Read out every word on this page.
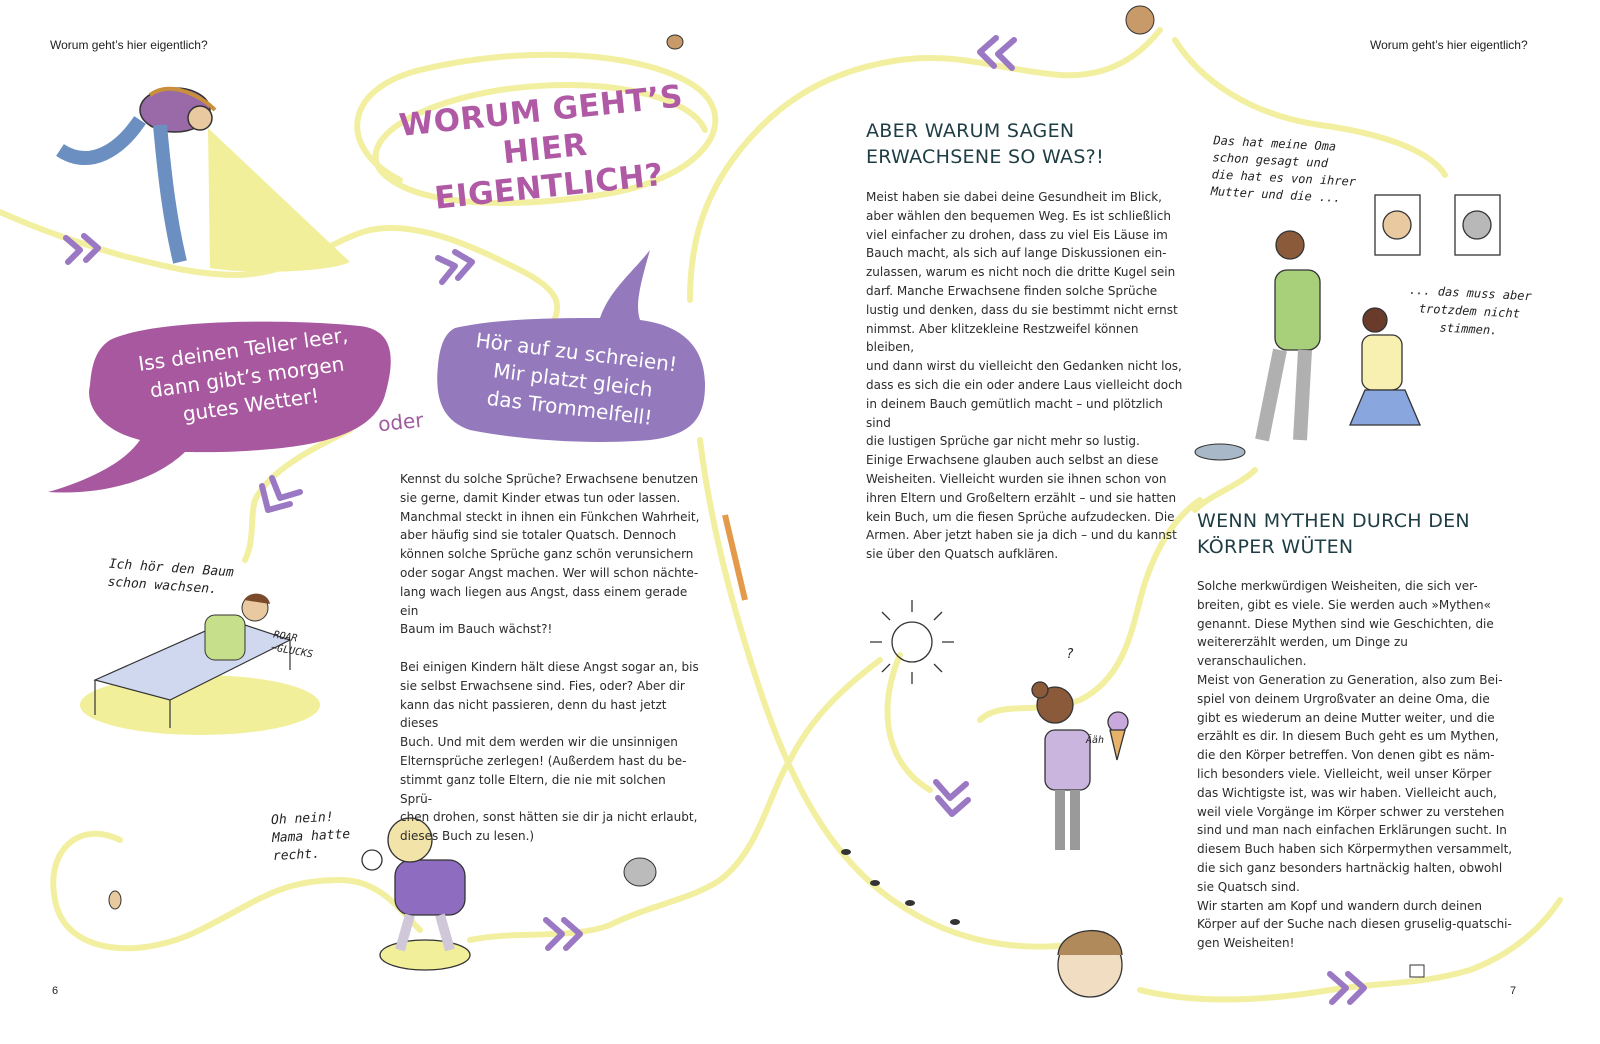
Worum geht’s hier eigentlich?	Worum geht’s hier eigentlich?
WORUM GEHT’S
HIER EIGENTLICH?
Iss deinen Teller leer,
dann gibt’s morgen
gutes Wetter!
Hör auf zu schreien!
Mir platzt gleich
das Trommelfell!
oder
Ich hör den Baum
schon wachsen.
ROAR
~GLUCKS
Oh nein!
Mama hatte
recht.
Kennst du solche Sprüche? Erwachsene benutzen
sie gerne, damit Kinder etwas tun oder lassen.
Manchmal steckt in ihnen ein Fünkchen Wahrheit,
aber häufig sind sie totaler Quatsch. Dennoch
können solche Sprüche ganz schön verunsichern
oder sogar Angst machen. Wer will schon nächte-
lang wach liegen aus Angst, dass einem gerade ein
Baum im Bauch wächst?!

Bei einigen Kindern hält diese Angst sogar an, bis
sie selbst Erwachsene sind. Fies, oder? Aber dir
kann das nicht passieren, denn du hast jetzt dieses
Buch. Und mit dem werden wir die unsinnigen
Elternsprüche zerlegen! (Außerdem hast du be-
stimmt ganz tolle Eltern, die nie mit solchen Sprü-
chen drohen, sonst hätten sie dir ja nicht erlaubt,
dieses Buch zu lesen.)
6
ABER WARUM SAGEN
ERWACHSENE SO WAS?!
Meist haben sie dabei deine Gesundheit im Blick,
aber wählen den bequemen Weg. Es ist schließlich
viel einfacher zu drohen, dass zu viel Eis Läuse im
Bauch macht, als sich auf lange Diskussionen ein-
zulassen, warum es nicht noch die dritte Kugel sein
darf. Manche Erwachsene finden solche Sprüche
lustig und denken, dass du sie bestimmt nicht ernst
nimmst. Aber klitzekleine Restzweifel können bleiben,
und dann wirst du vielleicht den Gedanken nicht los,
dass es sich die ein oder andere Laus vielleicht doch
in deinem Bauch gemütlich macht – und plötzlich sind
die lustigen Sprüche gar nicht mehr so lustig.
Einige Erwachsene glauben auch selbst an diese
Weisheiten. Vielleicht wurden sie ihnen schon von
ihren Eltern und Großeltern erzählt – und sie hatten
kein Buch, um die fiesen Sprüche aufzudecken. Die
Armen. Aber jetzt haben sie ja dich – und du kannst
sie über den Quatsch aufklären.
Das hat meine Oma
schon gesagt und
die hat es von ihrer
Mutter und die ...
... das muss aber
trotzdem nicht
stimmen.
?
Ääh
WENN MYTHEN DURCH DEN
KÖRPER WÜTEN
Solche merkwürdigen Weisheiten, die sich ver-
breiten, gibt es viele. Sie werden auch »Mythen«
genannt. Diese Mythen sind wie Geschichten, die
weitererzählt werden, um Dinge zu veranschaulichen.
Meist von Generation zu Generation, also zum Bei-
spiel von deinem Urgroßvater an deine Oma, die
gibt es wiederum an deine Mutter weiter, und die
erzählt es dir. In diesem Buch geht es um Mythen,
die den Körper betreffen. Von denen gibt es näm-
lich besonders viele. Vielleicht, weil unser Körper
das Wichtigste ist, was wir haben. Vielleicht auch,
weil viele Vorgänge im Körper schwer zu verstehen
sind und man nach einfachen Erklärungen sucht. In
diesem Buch haben sich Körpermythen versammelt,
die sich ganz besonders hartnäckig halten, obwohl
sie Quatsch sind.
Wir starten am Kopf und wandern durch deinen
Körper auf der Suche nach diesen gruselig-quatschi-
gen Weisheiten!
7
